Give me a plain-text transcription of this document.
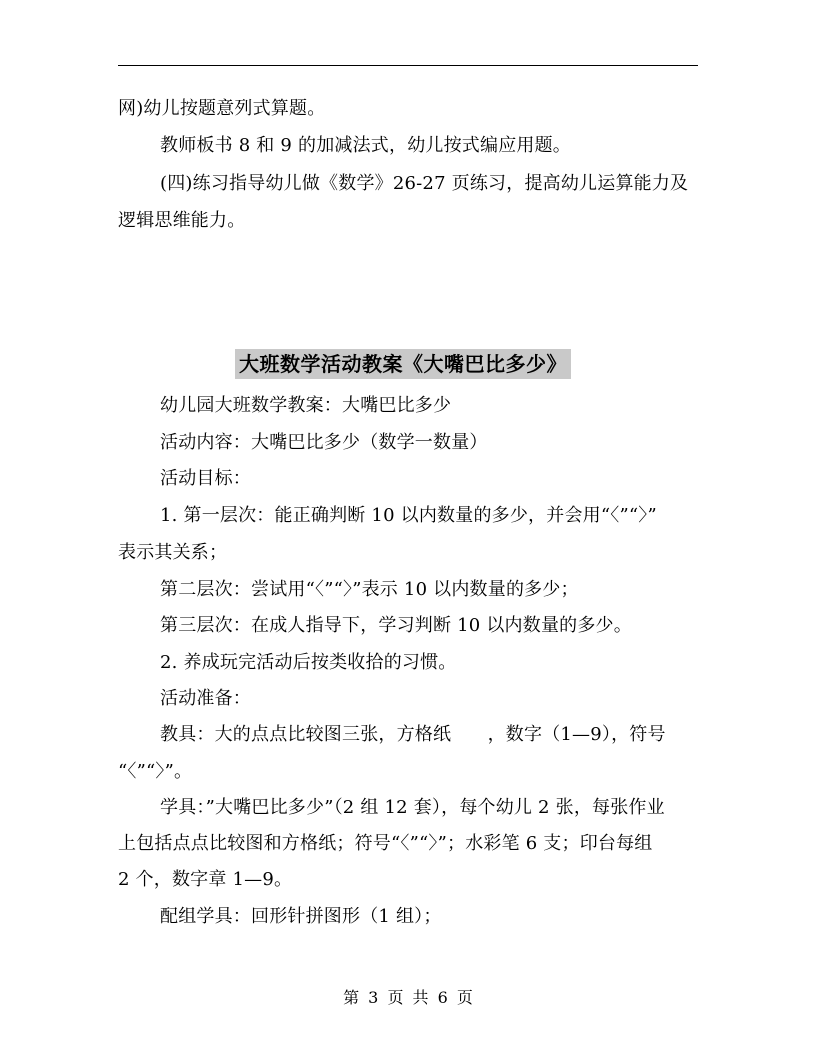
网)幼儿按题意列式算题。
教师板书 8 和 9 的加减法式，幼儿按式编应用题。
(四)练习指导幼儿做《数学》26-27 页练习，提高幼儿运算能力及
逻辑思维能力。
大班数学活动教案《大嘴巴比多少》
幼儿园大班数学教案：大嘴巴比多少
活动内容：大嘴巴比多少（数学一数量）
活动目标：
1. 第一层次：能正确判断 10 以内数量的多少，并会用“〈”“〉”
表示其关系；
第二层次：尝试用“〈”“〉”表示 10 以内数量的多少；
第三层次：在成人指导下，学习判断 10 以内数量的多少。
2. 养成玩完活动后按类收拾的习惯。
活动准备：
教具：大的点点比较图三张，方格纸　　，数字（1—9），符号
“〈”“〉”。
学具：”大嘴巴比多少”（2 组 12 套），每个幼儿 2 张，每张作业
上包括点点比较图和方格纸；符号“〈”“〉”；水彩笔 6 支；印台每组
2 个，数字章 1—9。
配组学具：回形针拼图形（1 组）；
第 3 页 共 6 页
